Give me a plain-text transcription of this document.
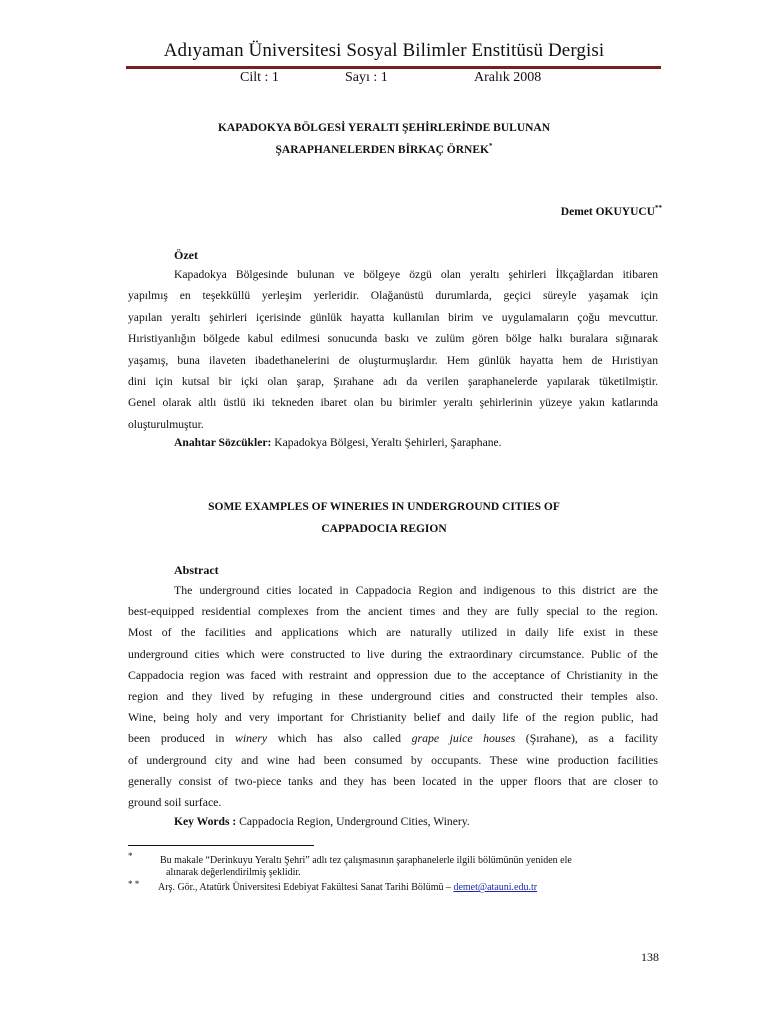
Adıyaman Üniversitesi Sosyal Bilimler Enstitüsü Dergisi
Cilt : 1	Sayı : 1	Aralık 2008
KAPADOKYA BÖLGESİ YERALTI ŞEHİRLERİNDE BULUNAN
ŞARAPHANELERDEN BİRKAÇ ÖRNEK*
Demet OKUYUCU**
Özet
Kapadokya Bölgesinde bulunan ve bölgeye özgü olan yeraltı şehirleri İlkçağlardan itibaren
yapılmış en teşekküllü yerleşim yerleridir. Olağanüstü durumlarda, geçici süreyle yaşamak için
yapılan yeraltı şehirleri içerisinde günlük hayatta kullanılan birim ve uygulamaların çoğu mevcuttur.
Hıristiyanlığın bölgede kabul edilmesi sonucunda baskı ve zulüm gören bölge halkı buralara sığınarak
yaşamış, buna ilaveten ibadethanelerini de oluşturmuşlardır. Hem günlük hayatta hem de Hıristiyan
dini için kutsal bir içki olan şarap, Şırahane adı da verilen şaraphanelerde yapılarak tüketilmiştir.
Genel olarak altlı üstlü iki tekneden ibaret olan bu birimler yeraltı şehirlerinin yüzeye yakın katlarında
oluşturulmuştur.
Anahtar Sözcükler: Kapadokya Bölgesi, Yeraltı Şehirleri, Şaraphane.
SOME EXAMPLES OF WINERIES IN UNDERGROUND CITIES OF
CAPPADOCIA REGION
Abstract
The underground cities located in Cappadocia Region and indigenous to this district are the
best-equipped residential complexes from the ancient times and they are fully special to the region.
Most of the facilities and applications which are naturally utilized in daily life exist in these
underground cities which were constructed to live during the extraordinary circumstance. Public of the
Cappadocia region was faced with restraint and oppression due to the acceptance of Christianity in the
region and they lived by refuging in these underground cities and constructed their temples also.
Wine, being holy and very important for Christianity belief and daily life of the region public, had
been produced in winery which has also called grape juice houses (Şırahane), as a facility
of underground city and wine had been consumed by occupants. These wine production facilities
generally consist of two-piece tanks and they has been located in the upper floors that are closer to
ground soil surface.
Key Words : Cappadocia Region, Underground Cities, Winery.
*	Bu makale “Derinkuyu Yeraltı Şehri” adlı tez çalışmasının şaraphanelerle ilgili bölümünün yeniden ele
alınarak değerlendirilmiş şeklidir.
* * Arş. Gör., Atatürk Üniversitesi Edebiyat Fakültesi Sanat Tarihi Bölümü – demet@atauni.edu.tr
138
